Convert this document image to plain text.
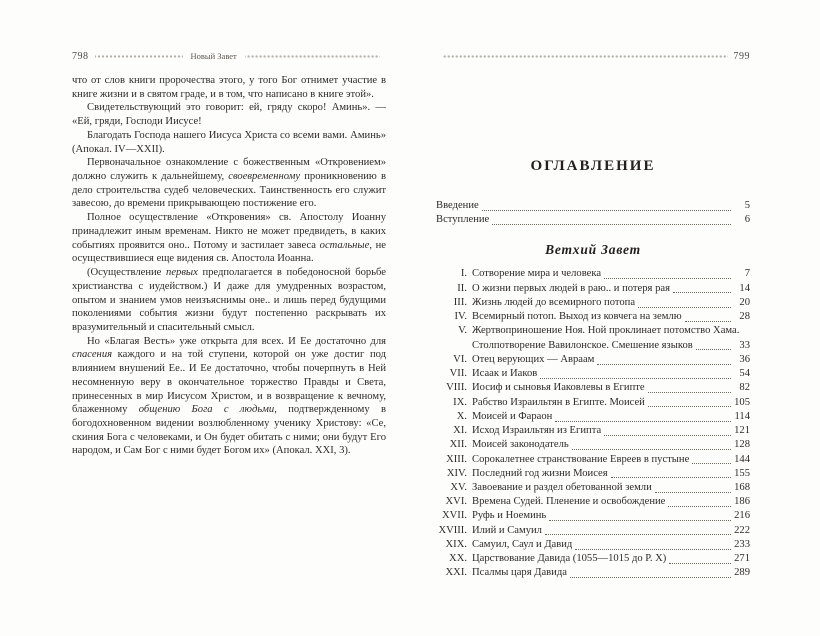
798	Новый Завет

что от слов книги пророчества этого, у того Бог отнимет участие в книге жизни и в святом граде, и в том, что написано в книге этой».

Свидетельствующий это говорит: ей, гряду скоро! Аминь». — «Ей, гряди, Господи Иисусе!

Благодать Господа нашего Иисуса Христа со всеми вами. Аминь» (Апокал. IV—XXII).

Первоначальное ознакомление с божественным «Откровением» должно служить к дальнейшему, своевременному проникновению в дело строительства судеб человеческих. Таинственность его служит завесою, до времени прикрывающею постижение его.

Полное осуществление «Откровения» св. Апостолу Иоанну принадлежит иным временам. Никто не может предвидеть, в каких событиях проявится оно.. Потому и застилает завеса остальные, не осуществившиеся еще видения св. Апостола Иоанна.

(Осуществление первых предполагается в победоносной борьбе христианства с иудейством.) И даже для умудренных возрастом, опытом и знанием умов неизъяснимы оне.. и лишь перед будущими поколениями события жизни будут постепенно раскрывать их вразумительный и спасительный смысл.

Но «Благая Весть» уже открыта для всех. И Ее достаточно для спасения каждого и на той ступени, которой он уже достиг под влиянием внушений Ее.. И Ее достаточно, чтобы почерпнуть в Ней несомненную веру в окончательное торжество Правды и Света, принесенных в мир Иисусом Христом, и в возвращение к вечному, блаженному общению Бога с людьми, подтвержденному в богодохновенном видении возлюбленному ученику Христову: «Се, скиния Бога с человеками, и Он будет обитать с ними; они будут Его народом, и Сам Бог с ними будет Богом их» (Апокал. XXI, 3).

799
ОГЛАВЛЕНИЕ
Введение	5
Вступление	6
Ветхий Завет
I. Сотворение мира и человека	7
II. О жизни первых людей в раю.. и потеря рая	14
III. Жизнь людей до всемирного потопа	20
IV. Всемирный потоп. Выход из ковчега на землю	28
V. Жертвоприношение Ноя. Ной проклинает потомство Хама.
Столпотворение Вавилонское. Смешение языков	33
VI. Отец верующих — Авраам	36
VII. Исаак и Иаков	54
VIII. Иосиф и сыновья Иаковлевы в Египте	82
IX. Рабство Израильтян в Египте. Моисей	105
X. Моисей и Фараон	114
XI. Исход Израильтян из Египта	121
XII. Моисей законодатель	128
XIII. Сорокалетнее странствование Евреев в пустыне	144
XIV. Последний год жизни Моисея	155
XV. Завоевание и раздел обетованной земли	168
XVI. Времена Судей. Пленение и освобождение	186
XVII. Руфь и Ноеминь	216
XVIII. Илий и Самуил	222
XIX. Самуил, Саул и Давид	233
XX. Царствование Давида (1055—1015 до Р. Х)	271
XXI. Псалмы царя Давида	289
